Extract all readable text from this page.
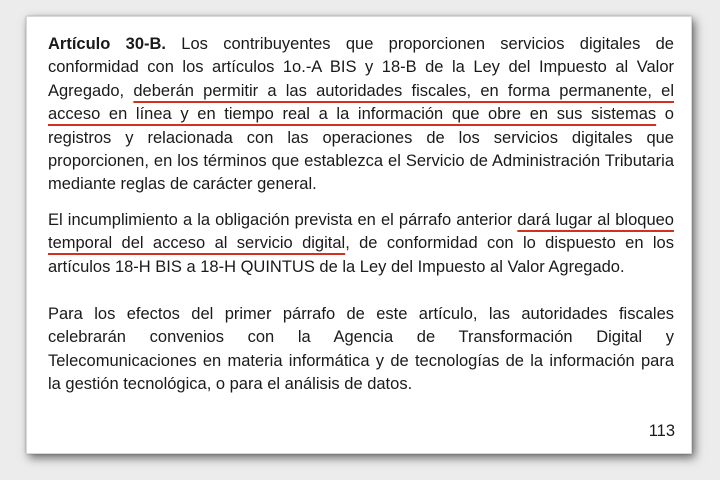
Artículo 30-B. Los contribuyentes que proporcionen servicios digitales de conformidad con los artículos 1o.-A BIS y 18-B de la Ley del Impuesto al Valor Agregado, deberán permitir a las autoridades fiscales, en forma permanente, el acceso en línea y en tiempo real a la información que obre en sus sistemas o registros y relacionada con las operaciones de los servicios digitales que proporcionen, en los términos que establezca el Servicio de Administración Tributaria mediante reglas de carácter general.
El incumplimiento a la obligación prevista en el párrafo anterior dará lugar al bloqueo temporal del acceso al servicio digital, de conformidad con lo dispuesto en los artículos 18-H BIS a 18-H QUINTUS de la Ley del Impuesto al Valor Agregado.
Para los efectos del primer párrafo de este artículo, las autoridades fiscales celebrarán convenios con la Agencia de Transformación Digital y Telecomunicaciones en materia informática y de tecnologías de la información para la gestión tecnológica, o para el análisis de datos.
113
